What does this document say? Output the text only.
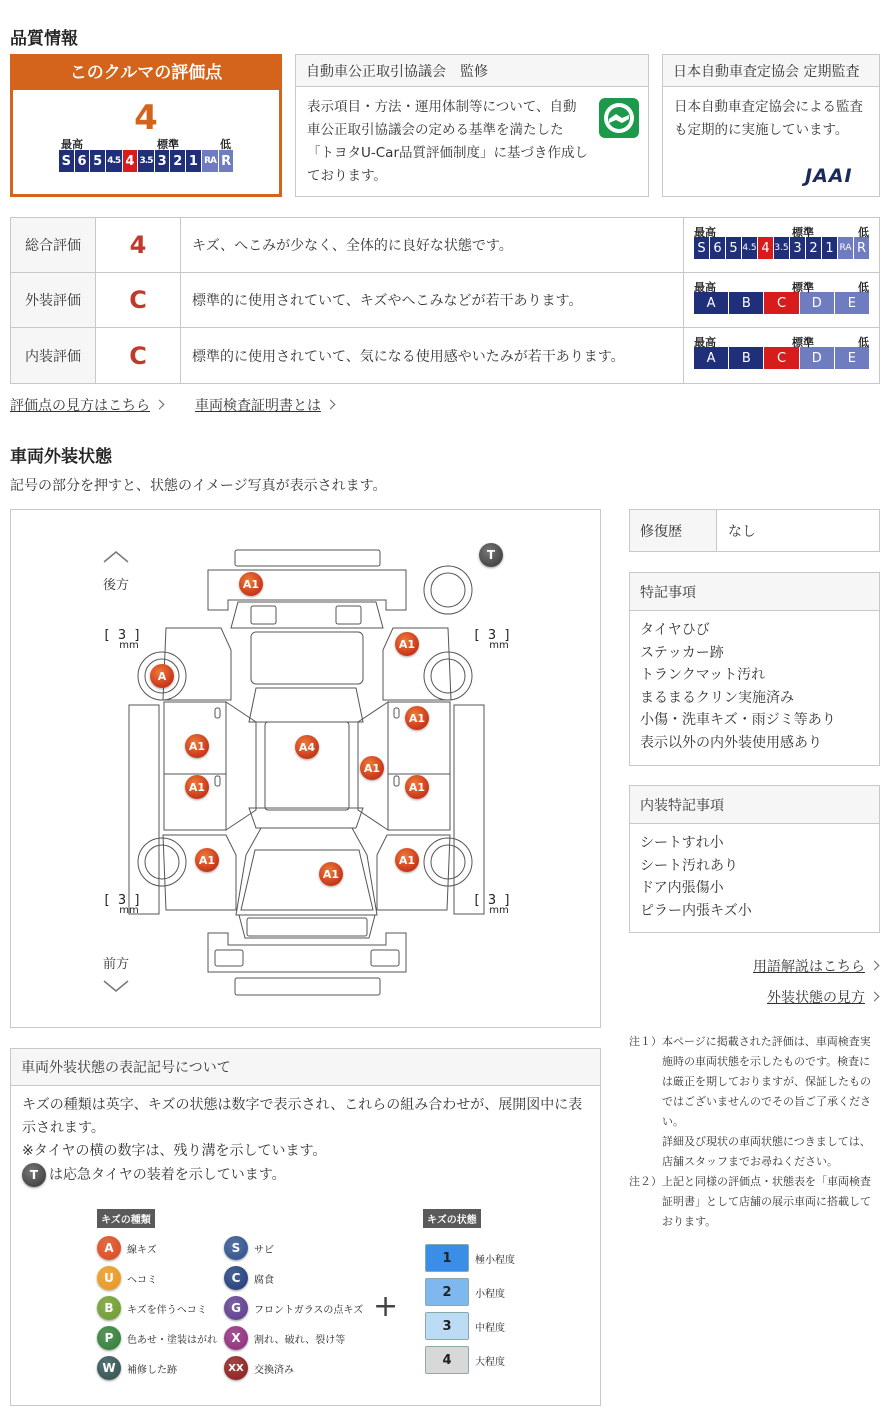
品質情報
このクルマの評価点
4
最高	標準	低
S 6 5 4.5 4 3.5 3 2 1 RA R
自動車公正取引協議会　監修
表示項目・方法・運用体制等について、自動車公正取引協議会の定める基準を満たした「トヨタU-Car品質評価制度」に基づき作成しております。
日本自動車査定協会 定期監査
日本自動車査定協会による監査も定期的に実施しています。
JAAI
総合評価	4	キズ、へこみが少なく、全体的に良好な状態です。
最高	標準	低
S 6 5 4.5 4 3.5 3 2 1 RA R
外装評価	C	標準的に使用されていて、キズやへこみなどが若干あります。
最高	標準	低
A	B	C	D	E
内装評価	C	標準的に使用されていて、気になる使用感やいたみが若干あります。
最高	標準	低
A	B	C	D	E
評価点の見方はこちら	車両検査証明書とは
車両外装状態
記号の部分を押すと、状態のイメージ写真が表示されます。
後方
前方
T
[ 3 ]
mm
[ 3 ]
mm
[ 3 ]
mm
[ 3 ]
mm
A1
A1
A
A1
A1	A4
A1
A1	A1
A1	A1
A1
修復歴	なし
特記事項
タイヤひび
ステッカー跡
トランクマット汚れ
まるまるクリン実施済み
小傷・洗車キズ・雨ジミ等あり
表示以外の内外装使用感あり
内装特記事項
シートすれ小
シート汚れあり
ドア内張傷小
ピラー内張キズ小
用語解説はこちら
外装状態の見方
注１） 本ページに掲載された評価は、車両検査実施時の車両状態を示したものです。検査には厳正を期しておりますが、保証したものではございませんのでその旨ご了承ください。
詳細及び現状の車両状態につきましては、店舗スタッフまでお尋ねください。
注２） 上記と同様の評価点・状態表を「車両検査証明書」として店舗の展示車両に搭載しております。
車両外装状態の表記記号について
キズの種類は英字、キズの状態は数字で表示され、これらの組み合わせが、展開図中に表示されます。
※タイヤの横の数字は、残り溝を示しています。
T は応急タイヤの装着を示しています。
キズの種類	キズの状態
A	線キズ
U	ヘコミ
B	キズを伴うヘコミ
P	色あせ・塗装はがれ
W	補修した跡
S	サビ
C	腐食
G	フロントガラスの点キズ
X	割れ、破れ、裂け等
XX	交換済み
+
1	極小程度
2	小程度
3	中程度
4	大程度
